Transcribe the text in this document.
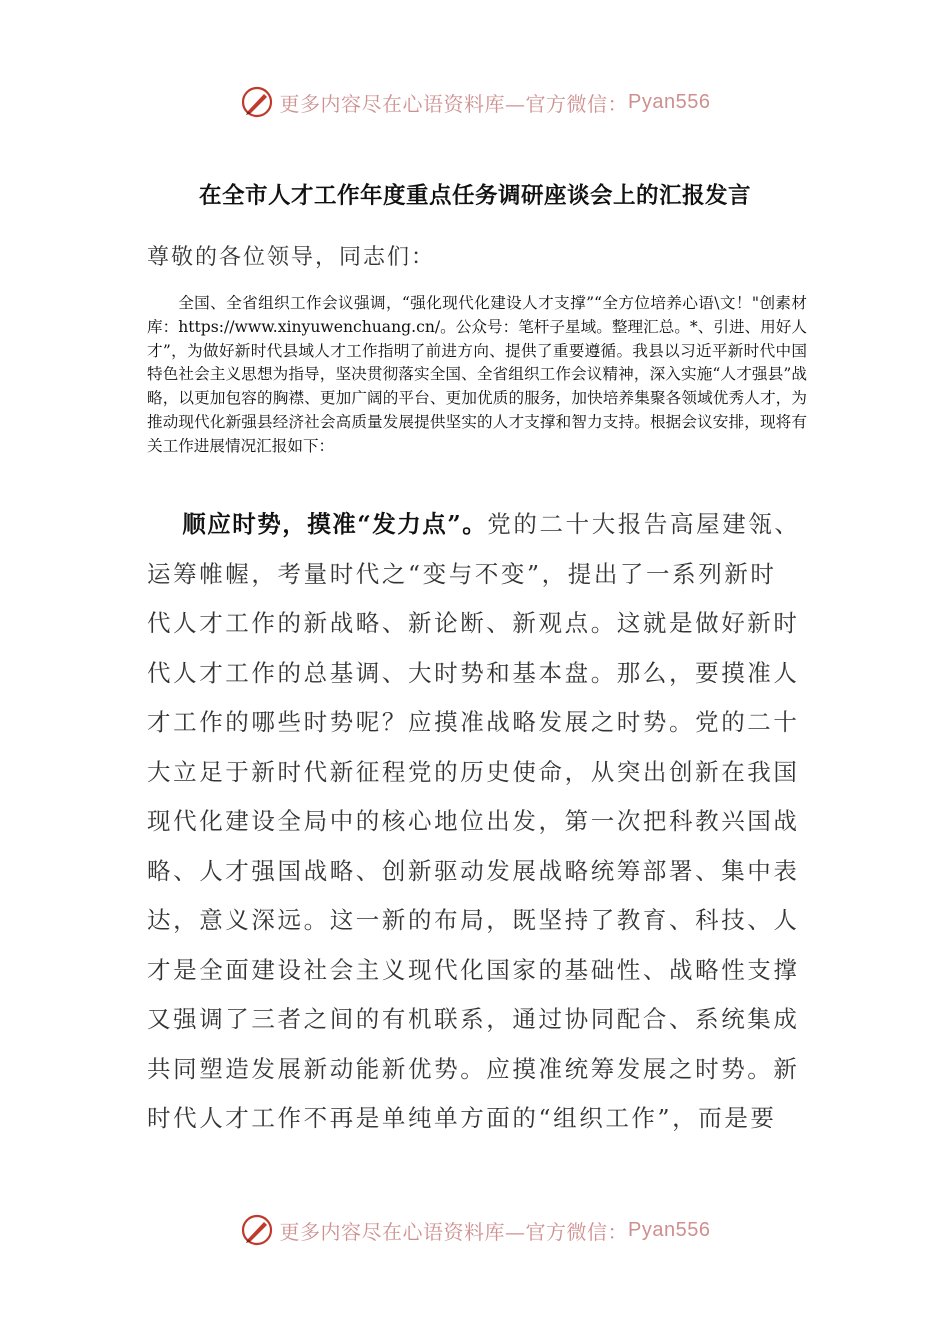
更多内容尽在心语资料库—官方微信： Pyan556
在全市人才工作年度重点任务调研座谈会上的汇报发言
尊敬的各位领导，同志们：

全国、全省组织工作会议强调，“强化现代化建设人才支撑”“全方位培养心语\文！"创素材库：https://www.xinyuwenchuang.cn/。公众号：笔杆子星域。整理汇总。*、引进、用好人才”，为做好新时代县域人才工作指明了前进方向、提供了重要遵循。我县以习近平新时代中国特色社会主义思想为指导，坚决贯彻落实全国、全省组织工作会议精神，深入实施“人才强县”战略，以更加包容的胸襟、更加广阔的平台、更加优质的服务，加快培养集聚各领域优秀人才，为推动现代化新强县经济社会高质量发展提供坚实的人才支撑和智力支持。根据会议安排，现将有关工作进展情况汇报如下：

顺应时势，摸准“发力点”。党的二十大报告高屋建瓴、
运筹帷幄，考量时代之“变与不变”，提出了一系列新时
代人才工作的新战略、新论断、新观点。这就是做好新时
代人才工作的总基调、大时势和基本盘。那么，要摸准人
才工作的哪些时势呢？应摸准战略发展之时势。党的二十
大立足于新时代新征程党的历史使命，从突出创新在我国
现代化建设全局中的核心地位出发，第一次把科教兴国战
略、人才强国战略、创新驱动发展战略统筹部署、集中表
达，意义深远。这一新的布局，既坚持了教育、科技、人
才是全面建设社会主义现代化国家的基础性、战略性支撑
又强调了三者之间的有机联系，通过协同配合、系统集成
共同塑造发展新动能新优势。应摸准统筹发展之时势。新
时代人才工作不再是单纯单方面的“组织工作”，而是要
更多内容尽在心语资料库—官方微信： Pyan556
